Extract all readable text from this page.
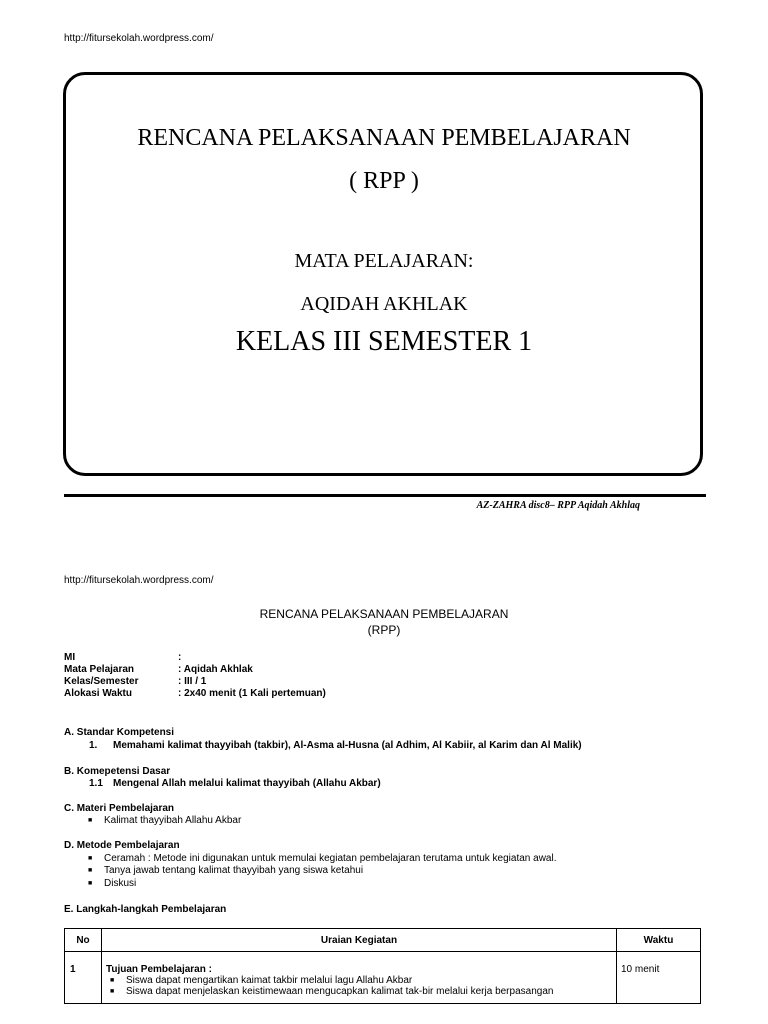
http://fitursekolah.wordpress.com/
RENCANA PELAKSANAAN PEMBELAJARAN
( RPP )
MATA PELAJARAN:
AQIDAH AKHLAK
KELAS III SEMESTER 1
AZ-ZAHRA disc8– RPP Aqidah Akhlaq
http://fitursekolah.wordpress.com/
RENCANA PELAKSANAAN PEMBELAJARAN
(RPP)
MI	:
Mata Pelajaran	: Aqidah Akhlak
Kelas/Semester	: III / 1
Alokasi Waktu	: 2x40 menit (1 Kali pertemuan)
A. Standar Kompetensi
1. Memahami kalimat thayyibah (takbir), Al-Asma al-Husna (al Adhim, Al Kabiir, al Karim dan Al Malik)
B. Komepetensi Dasar
1.1 Mengenal Allah melalui kalimat thayyibah (Allahu Akbar)
C. Materi Pembelajaran
■ Kalimat thayyibah Allahu Akbar
D. Metode Pembelajaran
■ Ceramah : Metode ini digunakan untuk memulai kegiatan pembelajaran terutama untuk kegiatan awal.
■ Tanya jawab tentang kalimat thayyibah yang siswa ketahui
■ Diskusi
E. Langkah-langkah Pembelajaran
No	Uraian Kegiatan	Waktu
1	Tujuan Pembelajaran :
■ Siswa dapat mengartikan kaimat takbir melalui lagu Allahu Akbar
■ Siswa dapat menjelaskan keistimewaan mengucapkan kalimat tak-bir melalui kerja berpasangan	10 menit
